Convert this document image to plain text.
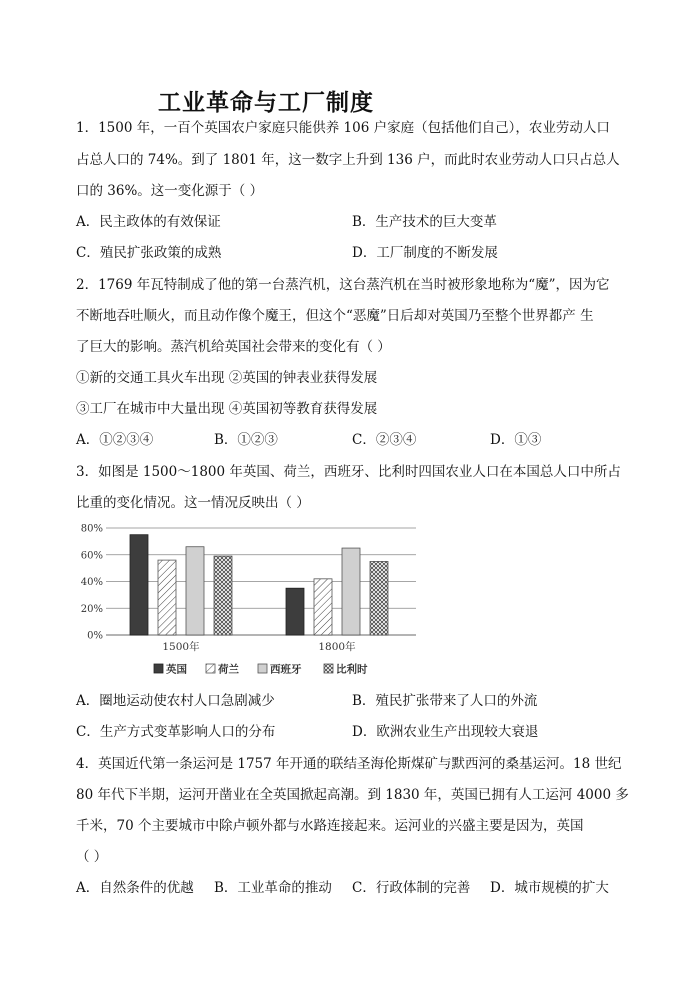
工业革命与工厂制度
1．1500 年，一百个英国农户家庭只能供养 106 户家庭（包括他们自己），农业劳动人口
占总人口的 74%。到了 1801 年，这一数字上升到 136 户，而此时农业劳动人口只占总人
口的 36%。这一变化源于（ ）
A．民主政体的有效保证	B．生产技术的巨大变革
C．殖民扩张政策的成熟	D．工厂制度的不断发展
2．1769 年瓦特制成了他的第一台蒸汽机，这台蒸汽机在当时被形象地称为“魔”，因为它
不断地吞吐顺火，而且动作像个魔王，但这个“恶魔”日后却对英国乃至整个世界都产 生
了巨大的影响。蒸汽机给英国社会带来的变化有（ ）
①新的交通工具火车出现 ②英国的钟表业获得发展
③工厂在城市中大量出现 ④英国初等教育获得发展
A．①②③④	B．①②③	C．②③④	D．①③
3．如图是 1500～1800 年英国、荷兰，西班牙、比利时四国农业人口在本国总人口中所占
比重的变化情况。这一情况反映出（ ）
0%
20%
40%
60%
80%
1500年	1800年
英国	荷兰	西班牙	比利时
A．圈地运动使农村人口急剧减少	B．殖民扩张带来了人口的外流
C．生产方式变革影响人口的分布	D．欧洲农业生产出现较大衰退
4．英国近代第一条运河是 1757 年开通的联结圣海伦斯煤矿与默西河的桑基运河。18 世纪
80 年代下半期，运河开凿业在全英国掀起高潮。到 1830 年，英国已拥有人工运河 4000 多
千米，70 个主要城市中除卢顿外都与水路连接起来。运河业的兴盛主要是因为，英国
（ ）
A．自然条件的优越 B．工业革命的推动 C．行政体制的完善 D．城市规模的扩大
